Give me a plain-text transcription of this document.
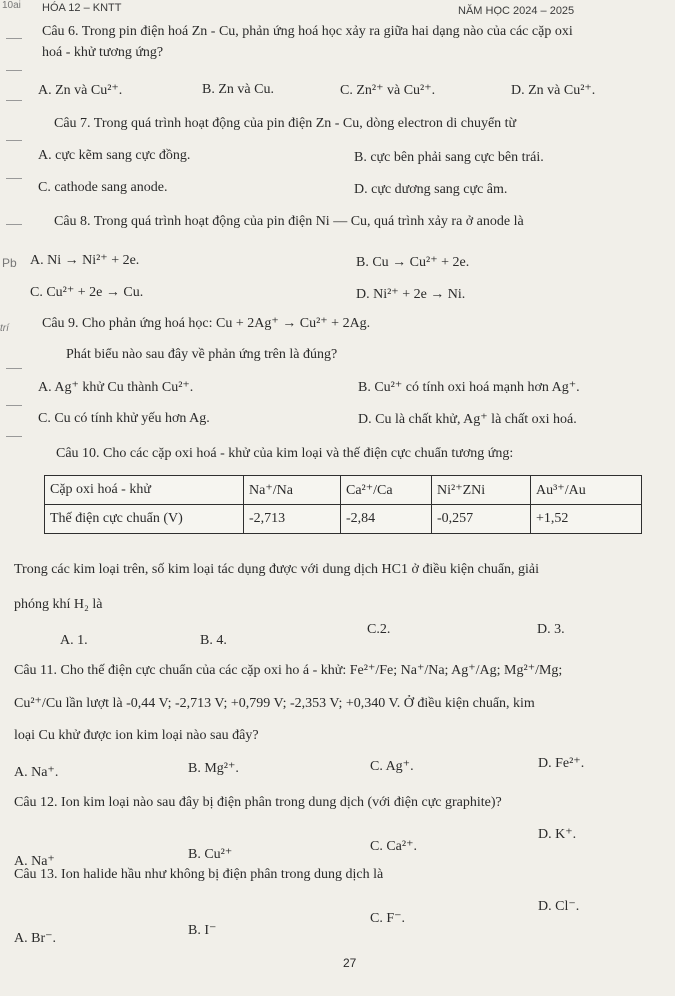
HÓA 12 – KNTT	NĂM HỌC 2024 – 2025
10ai
Câu 6. Trong pin điện hoá Zn - Cu, phản ứng hoá học xảy ra giữa hai dạng nào của các cặp oxi
hoá - khử tương ứng?
A. Zn và Cu²⁺.	B. Zn và Cu.	C. Zn²⁺ và Cu²⁺.	D. Zn và Cu²⁺.
Câu 7. Trong quá trình hoạt động của pin điện Zn - Cu, dòng electron di chuyển từ
A. cực kẽm sang cực đồng.	B. cực bên phải sang cực bên trái.
C. cathode sang anode.	D. cực dương sang cực âm.
Câu 8. Trong quá trình hoạt động của pin điện Ni — Cu, quá trình xảy ra ở anode là
Pb A. Ni → Ni²⁺ + 2e.	B. Cu → Cu²⁺ + 2e.
C. Cu²⁺ + 2e → Cu.	D. Ni²⁺ + 2e → Ni.
trí Câu 9. Cho phản ứng hoá học: Cu + 2Ag⁺ → Cu²⁺ + 2Ag.
Phát biểu nào sau đây về phản ứng trên là đúng?
A. Ag⁺ khử Cu thành Cu²⁺.	B. Cu²⁺ có tính oxi hoá mạnh hơn Ag⁺.
C. Cu có tính khử yếu hơn Ag.	D. Cu là chất khử, Ag⁺ là chất oxi hoá.
Câu 10. Cho các cặp oxi hoá - khử của kim loại và thế điện cực chuẩn tương ứng:
Cặp oxi hoá - khử	Na⁺/Na	Ca²⁺/Ca	Ni²⁺ZNi	Au³⁺/Au
Thế điện cực chuẩn (V)	-2,713	-2,84	-0,257	+1,52
Trong các kim loại trên, số kim loại tác dụng được với dung dịch HC1 ở điều kiện chuẩn, giải
phóng khí H₂ là
A. 1.	B. 4.
C.2.	D. 3.
Câu 11. Cho thế điện cực chuẩn của các cặp oxi ho á - khử: Fe²⁺/Fe; Na⁺/Na; Ag⁺/Ag; Mg²⁺/Mg;
Cu²⁺/Cu lần lượt là -0,44 V; -2,713 V; +0,799 V; -2,353 V; +0,340 V. Ở điều kiện chuẩn, kim
loại Cu khử được ion kim loại nào sau đây?
A. Na⁺.	B. Mg²⁺.	C. Ag⁺.	D. Fe²⁺.
Câu 12. Ion kim loại nào sau đây bị điện phân trong dung dịch (với điện cực graphite)?
A. Na⁺	B. Cu²⁺
C. Ca²⁺.
D. K⁺.
Câu 13. Ion halide hầu như không bị điện phân trong dung dịch là
A. Br⁻.
B. I⁻
C. F⁻.
D. Cl⁻.
27
